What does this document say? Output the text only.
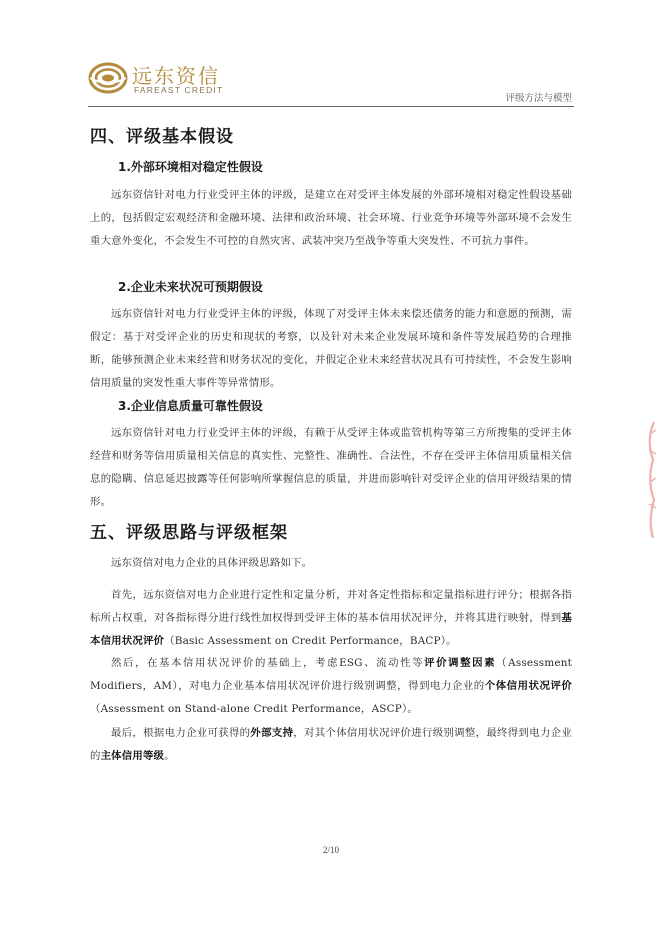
远东资信
FAREAST CREDIT
评级方法与模型
四、评级基本假设
1.外部环境相对稳定性假设

远东资信针对电力行业受评主体的评级，是建立在对受评主体发展的外部环境相对稳定性假设基础上的，包括假定宏观经济和金融环境、法律和政治环境、社会环境、行业竞争环境等外部环境不会发生重大意外变化，不会发生不可控的自然灾害、武装冲突乃至战争等重大突发性、不可抗力事件。

2.企业未来状况可预期假设

远东资信针对电力行业受评主体的评级，体现了对受评主体未来偿还债务的能力和意愿的预测，需假定：基于对受评企业的历史和现状的考察，以及针对未来企业发展环境和条件等发展趋势的合理推断，能够预测企业未来经营和财务状况的变化，并假定企业未来经营状况具有可持续性，不会发生影响信用质量的突发性重大事件等异常情形。

3.企业信息质量可靠性假设

远东资信针对电力行业受评主体的评级，有赖于从受评主体或监管机构等第三方所搜集的受评主体经营和财务等信用质量相关信息的真实性、完整性、准确性、合法性，不存在受评主体信用质量相关信息的隐瞒、信息延迟披露等任何影响所掌握信息的质量，并进而影响针对受评企业的信用评级结果的情形。

五、评级思路与评级框架

远东资信对电力企业的具体评级思路如下。

首先，远东资信对电力企业进行定性和定量分析，并对各定性指标和定量指标进行评分；根据各指标所占权重，对各指标得分进行线性加权得到受评主体的基本信用状况评分，并将其进行映射，得到基本信用状况评价（Basic Assessment on Credit Performance，BACP）。

然后，在基本信用状况评价的基础上，考虑ESG、流动性等评价调整因素（Assessment Modifiers，AM），对电力企业基本信用状况评价进行级别调整，得到电力企业的个体信用状况评价（Assessment on Stand-alone Credit Performance，ASCP）。

最后，根据电力企业可获得的外部支持，对其个体信用状况评价进行级别调整，最终得到电力企业的主体信用等级。

2/10
